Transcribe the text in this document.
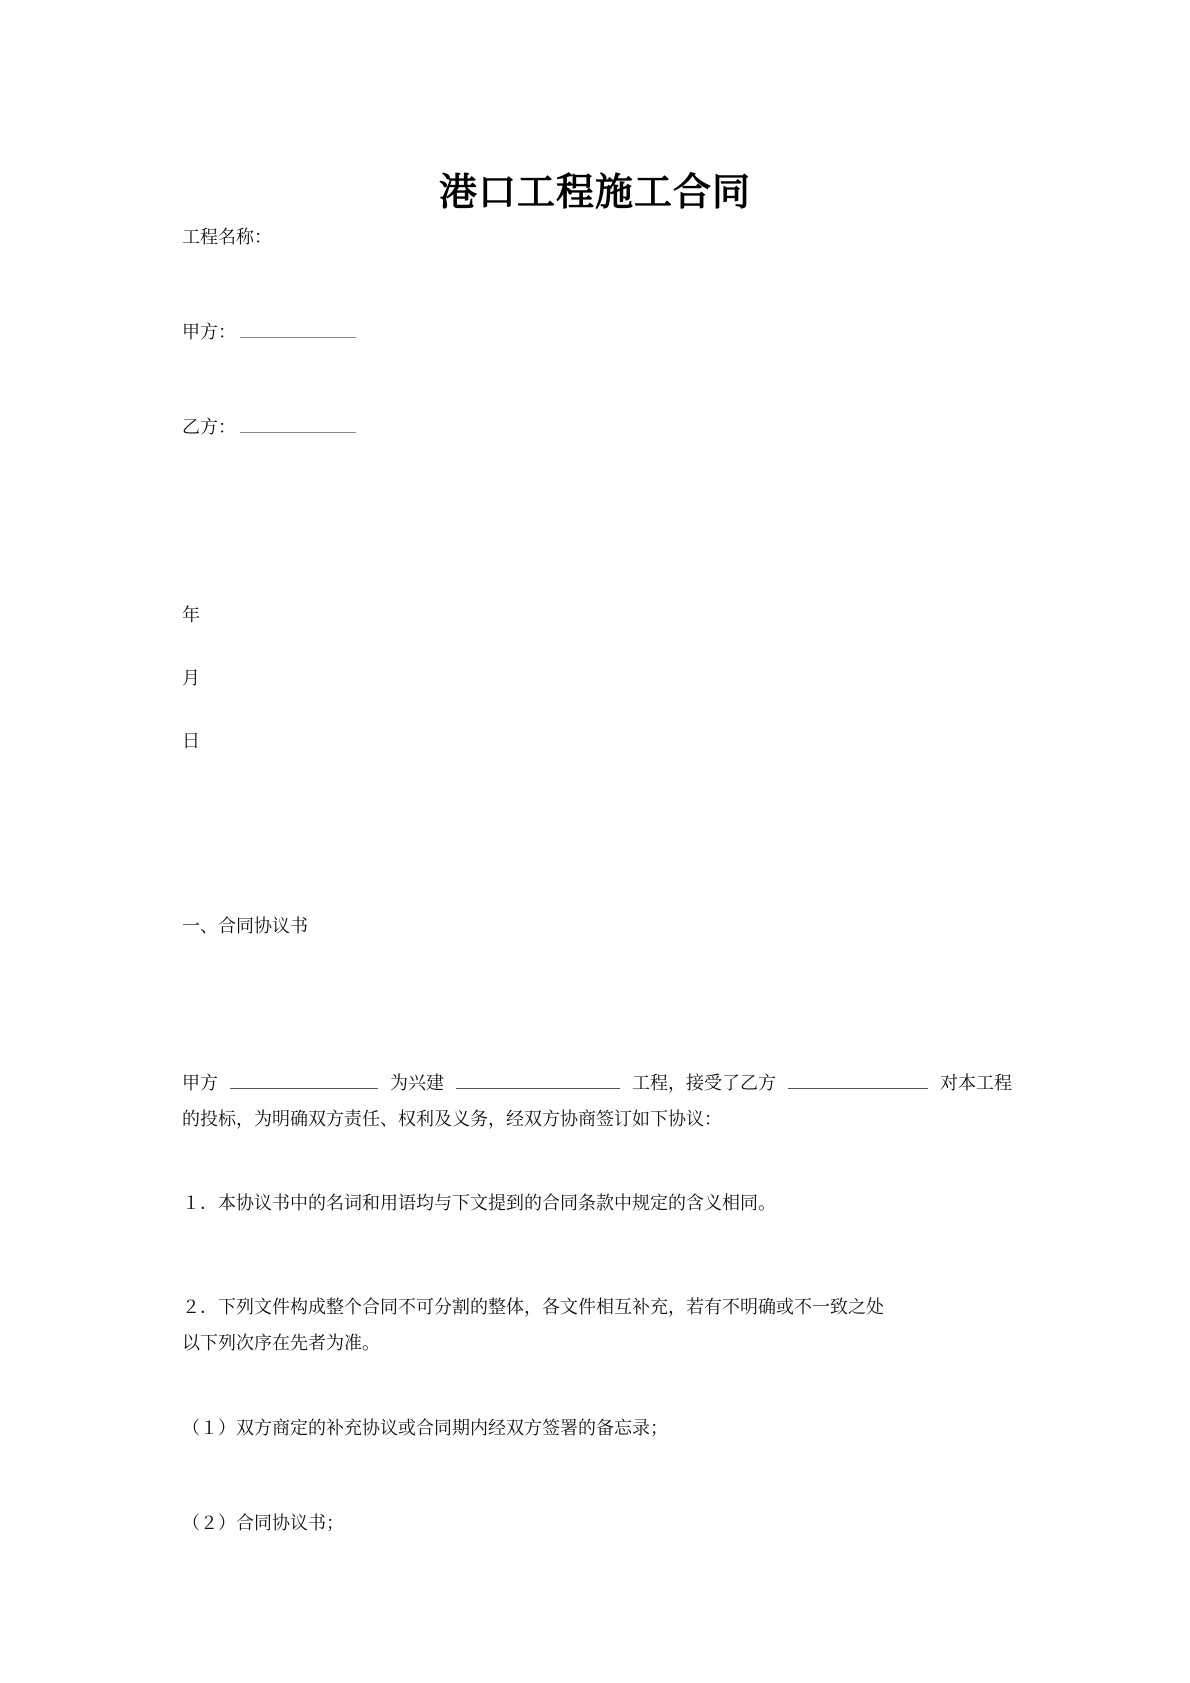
港口工程施工合同
工程名称：
甲方：
乙方：
年
月
日
一、合同协议书
甲方	为兴建	工程，接受了乙方	对本工程
的投标，为明确双方责任、权利及义务，经双方协商签订如下协议：
１．本协议书中的名词和用语均与下文提到的合同条款中规定的含义相同。
２．下列文件构成整个合同不可分割的整体，各文件相互补充，若有不明确或不一致之处
以下列次序在先者为准。
（１）双方商定的补充协议或合同期内经双方签署的备忘录；
（２）合同协议书；
